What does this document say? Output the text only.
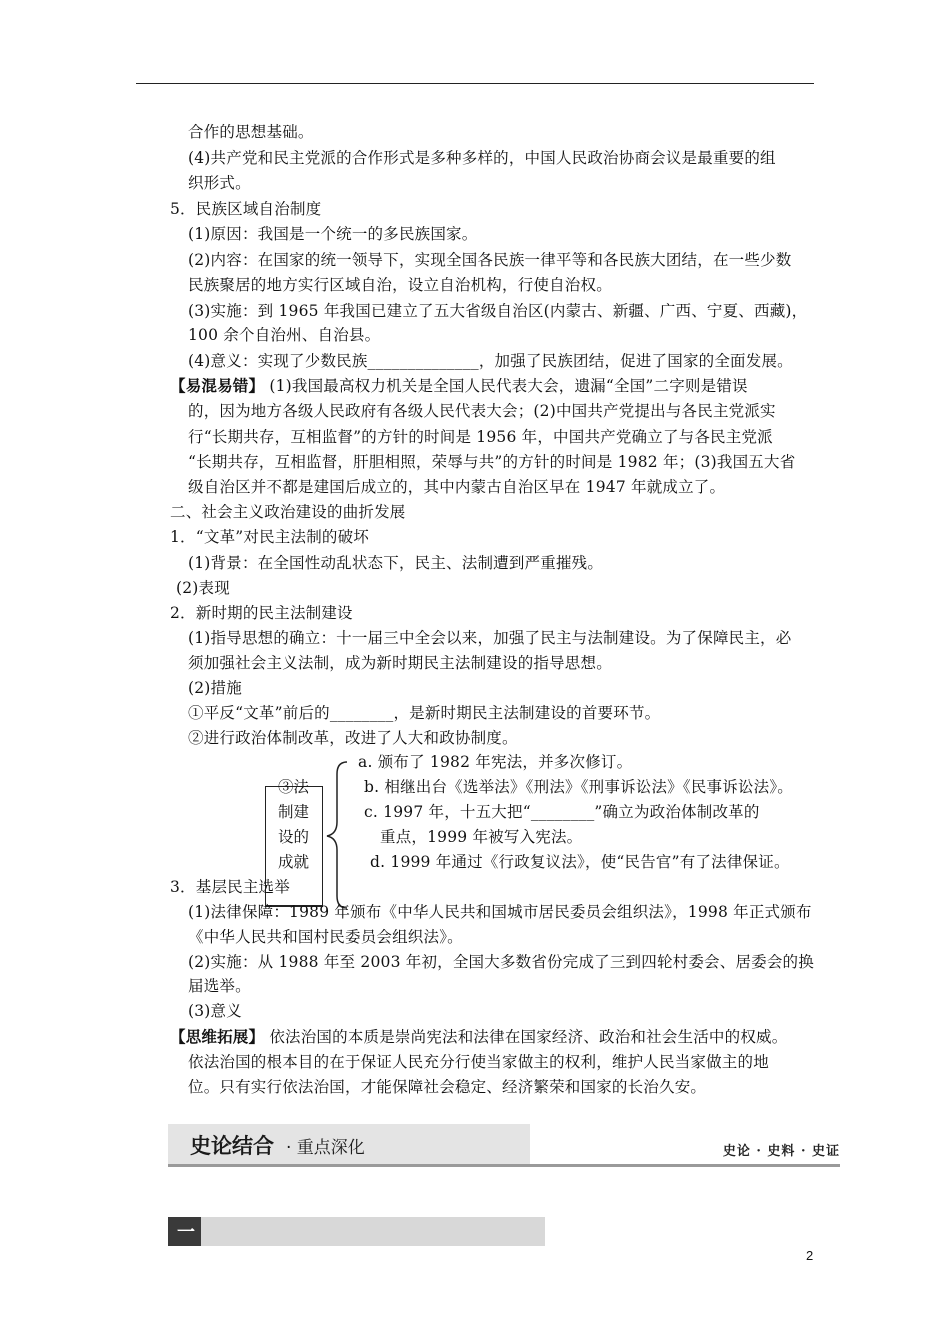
合作的思想基础。
(4)共产党和民主党派的合作形式是多种多样的，中国人民政治协商会议是最重要的组
织形式。
5．民族区域自治制度
(1)原因：我国是一个统一的多民族国家。
(2)内容：在国家的统一领导下，实现全国各民族一律平等和各民族大团结，在一些少数
民族聚居的地方实行区域自治，设立自治机构，行使自治权。
(3)实施：到 1965 年我国已建立了五大省级自治区(内蒙古、新疆、广西、宁夏、西藏)，
100 余个自治州、自治县。
(4)意义：实现了少数民族______________，加强了民族团结，促进了国家的全面发展。
【易混易错】 (1)我国最高权力机关是全国人民代表大会，遗漏“全国”二字则是错误
的，因为地方各级人民政府有各级人民代表大会；(2)中国共产党提出与各民主党派实
行“长期共存，互相监督”的方针的时间是 1956 年，中国共产党确立了与各民主党派
“长期共存，互相监督，肝胆相照，荣辱与共”的方针的时间是 1982 年；(3)我国五大省
级自治区并不都是建国后成立的，其中内蒙古自治区早在 1947 年就成立了。
二、社会主义政治建设的曲折发展
1．“文革”对民主法制的破坏
(1)背景：在全国性动乱状态下，民主、法制遭到严重摧残。
(2)表现
2．新时期的民主法制建设
(1)指导思想的确立：十一届三中全会以来，加强了民主与法制建设。为了保障民主，必
须加强社会主义法制，成为新时期民主法制建设的指导思想。
(2)措施
①平反“文革”前后的________，是新时期民主法制建设的首要环节。
②进行政治体制改革，改进了人大和政协制度。
③法
制建
设的
成就
a. 颁布了 1982 年宪法，并多次修订。
b. 相继出台《选举法》《刑法》《刑事诉讼法》《民事诉讼法》。
c. 1997 年，十五大把“________”确立为政治体制改革的
重点，1999 年被写入宪法。
d. 1999 年通过《行政复议法》，使“民告官”有了法律保证。
3．基层民主选举
(1)法律保障：1989 年颁布《中华人民共和国城市居民委员会组织法》，1998 年正式颁布
《中华人民共和国村民委员会组织法》。
(2)实施：从 1988 年至 2003 年初，全国大多数省份完成了三到四轮村委会、居委会的换
届选举。
(3)意义
【思维拓展】 依法治国的本质是崇尚宪法和法律在国家经济、政治和社会生活中的权威。
依法治国的根本目的在于保证人民充分行使当家做主的权利，维护人民当家做主的地
位。只有实行依法治国，才能保障社会稳定、经济繁荣和国家的长治久安。
史论结合 · 重点深化	史论 · 史料 · 史证
一
2
